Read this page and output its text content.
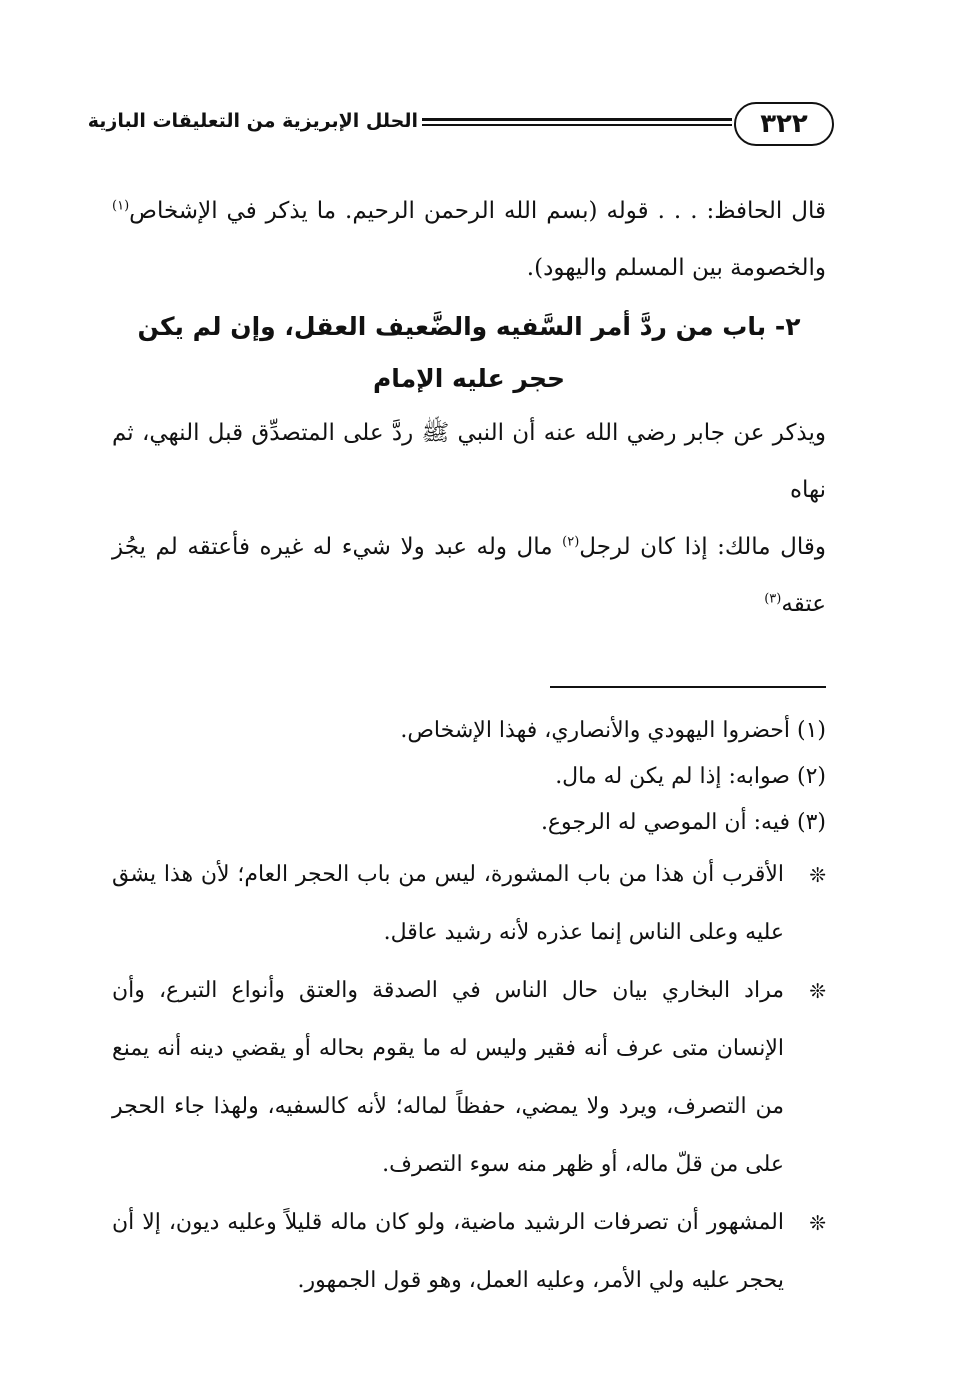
٣٢٢
الحلل الإبريزية من التعليقات البازية

قال الحافظ: . . . قوله (بسم الله الرحمن الرحيم. ما يذكر في الإشخاص$^{(١)}$ والخصومة بين المسلم واليهود).

٢- باب من ردَّ أمر السَّفيه والضَّعيف العقل، وإن لم يكن حجر عليه الإمام

ويذكر عن جابر رضي الله عنه أن النبي ﷺ ردَّ على المتصدِّق قبل النهي، ثم نهاه

وقال مالك: إذا كان لرجل$^{(٢)}$ مال وله عبد ولا شيء له غيره فأعتقه لم يجُز عتقه$^{(٣)}$

(١) أحضروا اليهودي والأنصاري، فهذا الإشخاص.

(٢) صوابه: إذا لم يكن له مال.

(٣) فيه: أن الموصي له الرجوع.

❊
الأقرب أن هذا من باب المشورة، ليس من باب الحجر العام؛ لأن هذا يشق عليه وعلى الناس إنما عذره لأنه رشيد عاقل.

❊
مراد البخاري بيان حال الناس في الصدقة والعتق وأنواع التبرع، وأن الإنسان متى عرف أنه فقير وليس له ما يقوم بحاله أو يقضي دينه أنه يمنع من التصرف، ويرد ولا يمضي، حفظاً لماله؛ لأنه كالسفيه، ولهذا جاء الحجر على من قلّ ماله، أو ظهر منه سوء التصرف.

❊
المشهور أن تصرفات الرشيد ماضية، ولو كان ماله قليلاً وعليه ديون، إلا أن يحجر عليه ولي الأمر، وعليه العمل، وهو قول الجمهور.
